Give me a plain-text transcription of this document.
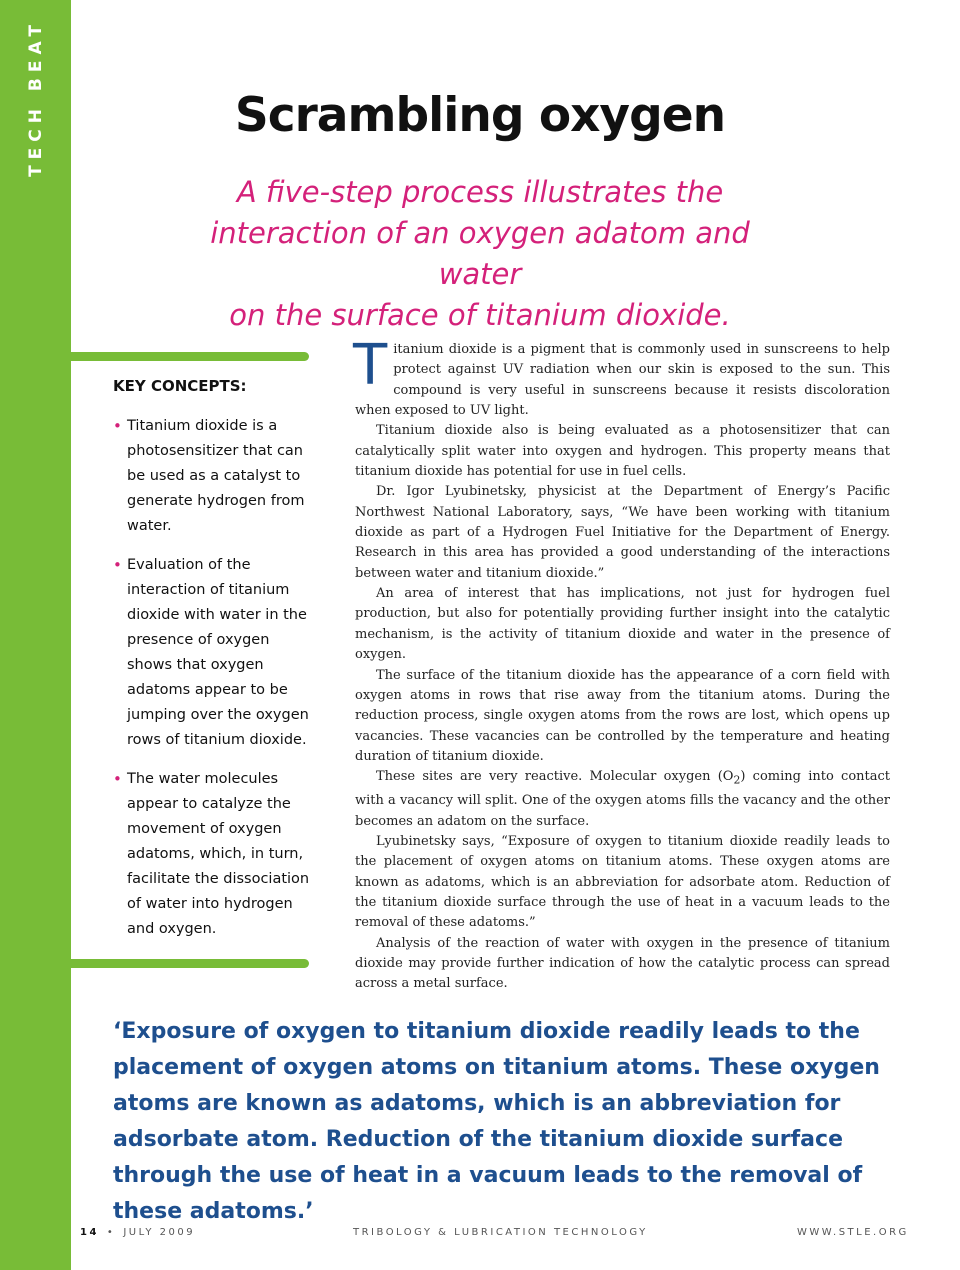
TECH BEAT	Scrambling oxygen
A five-step process illustrates the
interaction of an oxygen adatom and water
on the surface of titanium dioxide.
KEY CONCEPTS:
• Titanium dioxide is a photosensitizer that can be used as a catalyst to generate hydrogen from water.
• Evaluation of the interaction of titanium dioxide with water in the presence of oxygen shows that oxygen adatoms appear to be jumping over the oxygen rows of titanium dioxide.
• The water molecules appear to catalyze the movement of oxygen adatoms, which, in turn, facilitate the dissociation of water into hydrogen and oxygen.

Titanium dioxide is a pigment that is commonly used in sunscreens to help protect against UV radiation when our skin is exposed to the sun. This compound is very useful in sunscreens because it resists discoloration when exposed to UV light.

Titanium dioxide also is being evaluated as a photosensitizer that can catalytically split water into oxygen and hydrogen. This property means that titanium dioxide has potential for use in fuel cells.

Dr. Igor Lyubinetsky, physicist at the Department of Energy’s Pacific Northwest National Laboratory, says, “We have been working with titanium dioxide as part of a Hydrogen Fuel Initiative for the Department of Energy. Research in this area has provided a good understanding of the interactions between water and titanium dioxide.”

An area of interest that has implications, not just for hydrogen fuel production, but also for potentially providing further insight into the catalytic mechanism, is the activity of titanium dioxide and water in the presence of oxygen.

The surface of the titanium dioxide has the appearance of a corn field with oxygen atoms in rows that rise away from the titanium atoms. During the reduction process, single oxygen atoms from the rows are lost, which opens up vacancies. These vacancies can be controlled by the temperature and heating duration of titanium dioxide.

These sites are very reactive. Molecular oxygen $(O_2)$ coming into contact with a vacancy will split. One of the oxygen atoms fills the vacancy and the other becomes an adatom on the surface.

Lyubinetsky says, “Exposure of oxygen to titanium dioxide readily leads to the placement of oxygen atoms on titanium atoms. These oxygen atoms are known as adatoms, which is an abbreviation for adsorbate atom. Reduction of the titanium dioxide surface through the use of heat in a vacuum leads to the removal of these adatoms.”

Analysis of the reaction of water with oxygen in the presence of titanium dioxide may provide further indication of how the catalytic process can spread across a metal surface.

‘Exposure of oxygen to titanium dioxide readily leads to the placement of oxygen atoms on titanium atoms. These oxygen atoms are known as adatoms, which is an abbreviation for adsorbate atom. Reduction of the titanium dioxide surface through the use of heat in a vacuum leads to the removal of these adatoms.’
14 • JULY 2009	TRIBOLOGY & LUBRICATION TECHNOLOGY	WWW.STLE.ORG
